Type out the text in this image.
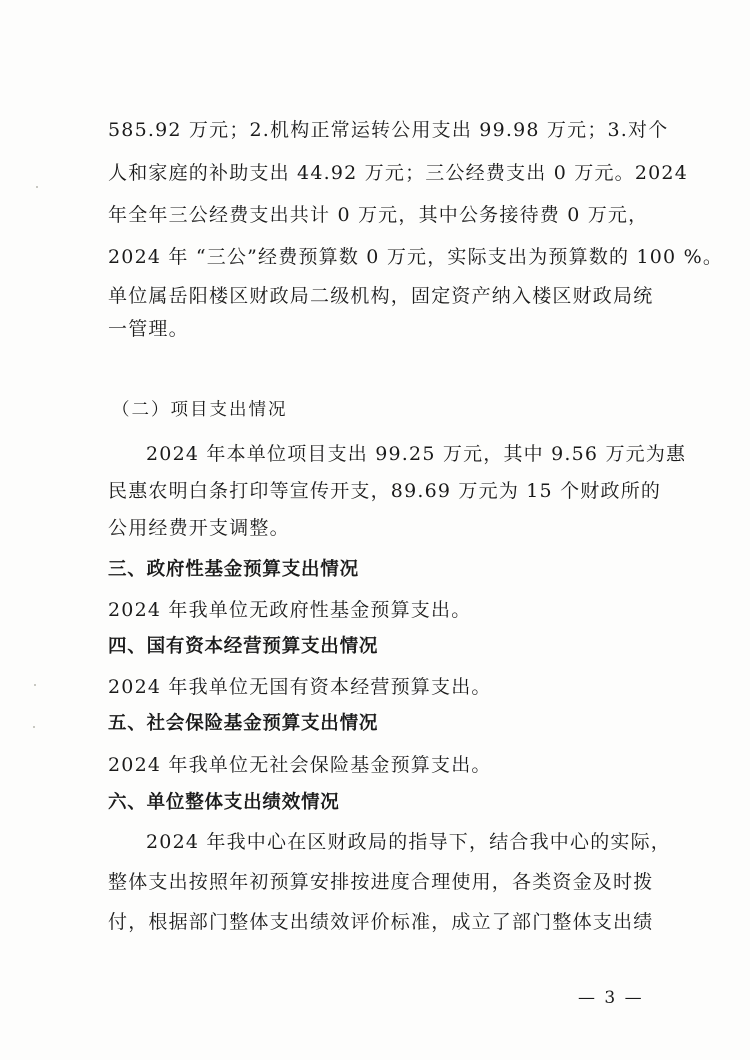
585.92 万元；2.机构正常运转公用支出 99.98 万元；3.对个
人和家庭的补助支出 44.92 万元；三公经费支出 0 万元。2024
年全年三公经费支出共计 0 万元，其中公务接待费 0 万元，
2024 年 “三公”经费预算数 0 万元，实际支出为预算数的 100 %。
单位属岳阳楼区财政局二级机构，固定资产纳入楼区财政局统
一管理。
（二）项目支出情况
2024 年本单位项目支出 99.25 万元，其中 9.56 万元为惠
民惠农明白条打印等宣传开支，89.69 万元为 15 个财政所的
公用经费开支调整。
三、政府性基金预算支出情况
2024 年我单位无政府性基金预算支出。
四、国有资本经营预算支出情况
2024 年我单位无国有资本经营预算支出。
五、社会保险基金预算支出情况
2024 年我单位无社会保险基金预算支出。
六、单位整体支出绩效情况
2024 年我中心在区财政局的指导下，结合我中心的实际，
整体支出按照年初预算安排按进度合理使用，各类资金及时拨
付，根据部门整体支出绩效评价标准，成立了部门整体支出绩
— 3 —
